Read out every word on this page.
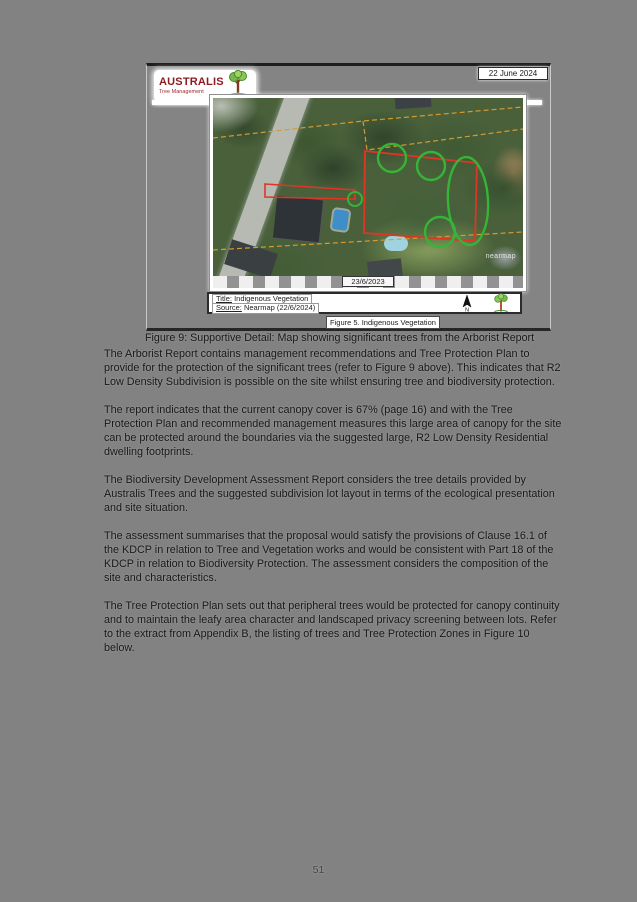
AUSTRALIS
Tree Management
22 June 2024
nearmap
23/6/2023
Title: Indigenous Vegetation
Source: Nearmap (22/6/2024)	N
Figure 5. Indigenous Vegetation
Figure 9: Supportive Detail: Map showing significant trees from the Arborist Report

The Arborist Report contains management recommendations and Tree Protection Plan to provide for the protection of the significant trees (refer to Figure 9 above). This indicates that R2 Low Density Subdivision is possible on the site whilst ensuring tree and biodiversity protection.

The report indicates that the current canopy cover is 67% (page 16) and with the Tree Protection Plan and recommended management measures this large area of canopy for the site can be protected around the boundaries via the suggested large, R2 Low Density Residential dwelling footprints.

The Biodiversity Development Assessment Report considers the tree details provided by Australis Trees and the suggested subdivision lot layout in terms of the ecological presentation and site situation.

The assessment summarises that the proposal would satisfy the provisions of Clause 16.1 of the KDCP in relation to Tree and Vegetation works and would be consistent with Part 18 of the KDCP in relation to Biodiversity Protection. The assessment considers the composition of the site and characteristics.

The Tree Protection Plan sets out that peripheral trees would be protected for canopy continuity and to maintain the leafy area character and landscaped privacy screening between lots. Refer to the extract from Appendix B, the listing of trees and Tree Protection Zones in Figure 10 below.

51
